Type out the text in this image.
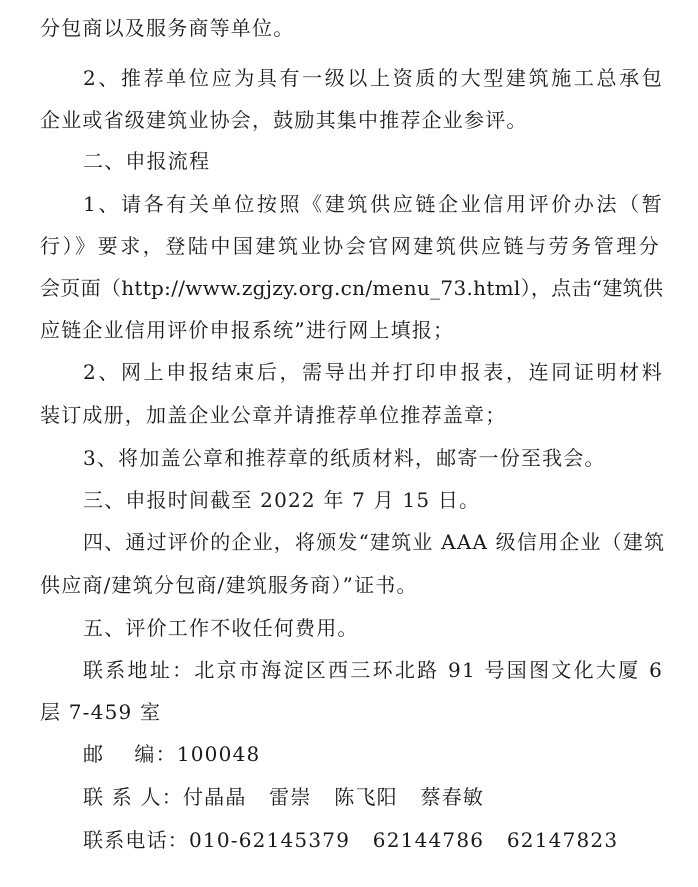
分包商以及服务商等单位。
2、推荐单位应为具有一级以上资质的大型建筑施工总承包
企业或省级建筑业协会，鼓励其集中推荐企业参评。
二、申报流程
1、请各有关单位按照《建筑供应链企业信用评价办法（暂
行）》要求，登陆中国建筑业协会官网建筑供应链与劳务管理分
会页面（http://www.zgjzy.org.cn/menu_73.html），点击“建筑供
应链企业信用评价申报系统”进行网上填报；
2、网上申报结束后，需导出并打印申报表，连同证明材料
装订成册，加盖企业公章并请推荐单位推荐盖章；
3、将加盖公章和推荐章的纸质材料，邮寄一份至我会。
三、申报时间截至 2022 年 7 月 15 日。
四、通过评价的企业，将颁发“建筑业 AAA 级信用企业（建筑
供应商/建筑分包商/建筑服务商）”证书。
五、评价工作不收任何费用。
联系地址：北京市海淀区西三环北路 91 号国图文化大厦 6
层 7-459 室
邮    编：100048
联 系 人：付晶晶   雷崇   陈飞阳   蔡春敏
联系电话：010-62145379   62144786   62147823
